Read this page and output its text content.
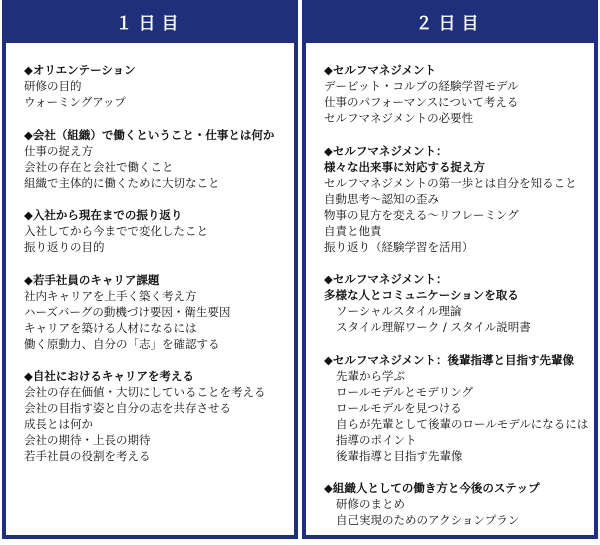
１日目
◆オリエンテーション
研修の目的
ウォーミングアップ
◆会社（組織）で働くということ・仕事とは何か
仕事の捉え方
会社の存在と会社で働くこと
組織で主体的に働くために大切なこと
◆入社から現在までの振り返り
入社してから今までで変化したこと
振り返りの目的
◆若手社員のキャリア課題
社内キャリアを上手く築く考え方
ハーズバーグの動機づけ要因・衛生要因
キャリアを築ける人材になるには
働く原動力、自分の「志」を確認する
◆自社におけるキャリアを考える
会社の存在価値・大切にしていることを考える
会社の目指す姿と自分の志を共存させる
成長とは何か
会社の期待・上長の期待
若手社員の役割を考える
２日目
◆セルフマネジメント
デービット・コルブの経験学習モデル
仕事のパフォーマンスについて考える
セルフマネジメントの必要性
◆セルフマネジメント：
様々な出来事に対応する捉え方
セルフマネジメントの第一歩とは自分を知ること
自動思考～認知の歪み
物事の見方を変える～リフレーミング
自責と他責
振り返り（経験学習を活用）
◆セルフマネジメント：
多様な人とコミュニケーションを取る
ソーシャルスタイル理論
スタイル理解ワーク / スタイル説明書
◆セルフマネジメント：後輩指導と目指す先輩像
先輩から学ぶ
ロールモデルとモデリング
ロールモデルを見つける
自らが先輩として後輩のロールモデルになるには
指導のポイント
後輩指導と目指す先輩像
◆組織人としての働き方と今後のステップ
研修のまとめ
自己実現のためのアクションプラン
